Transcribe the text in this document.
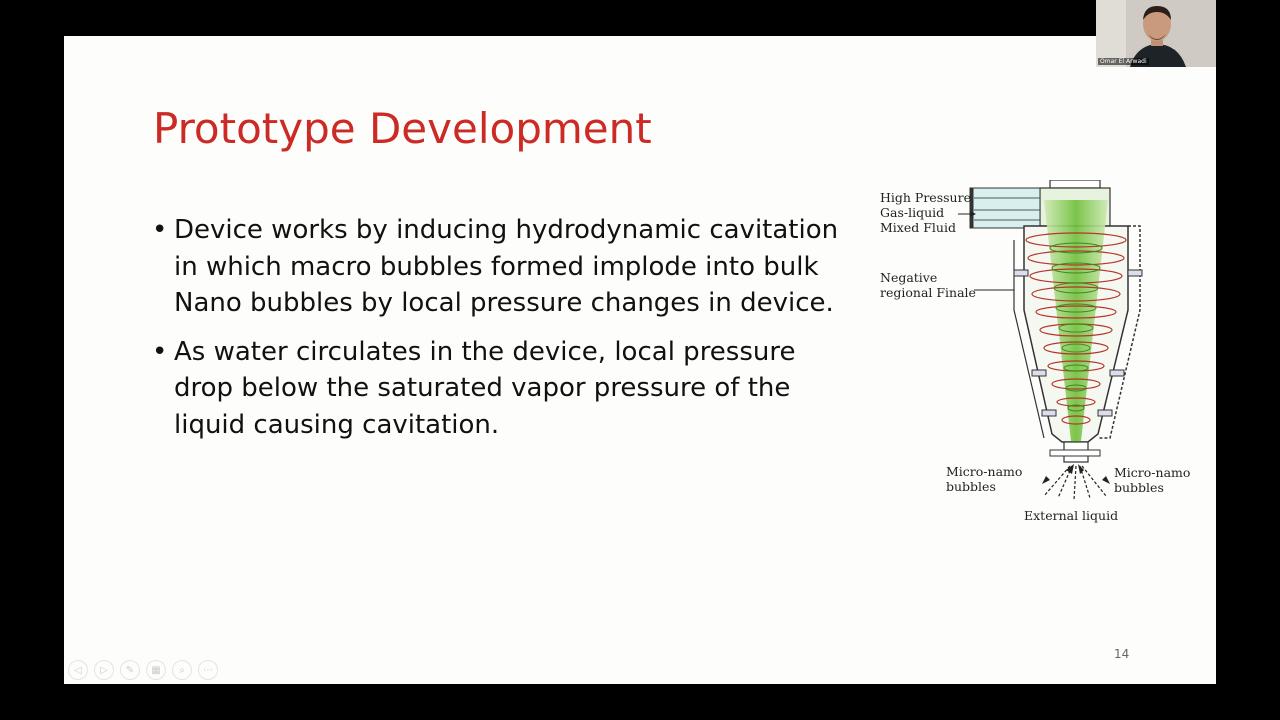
Prototype Development
• Device works by inducing hydrodynamic cavitation in which macro bubbles formed implode into bulk Nano bubbles by local pressure changes in device.
• As water circulates in the device, local pressure drop below the saturated vapor pressure of the liquid causing cavitation.
High Pressure
Gas-liquid
Mixed Fluid
Negative
regional Finale
Micro-namo
bubbles
Micro-namo
bubbles
External liquid
14
◁	▷	✎	▦	⌕	⋯
Omar El Arwadi
